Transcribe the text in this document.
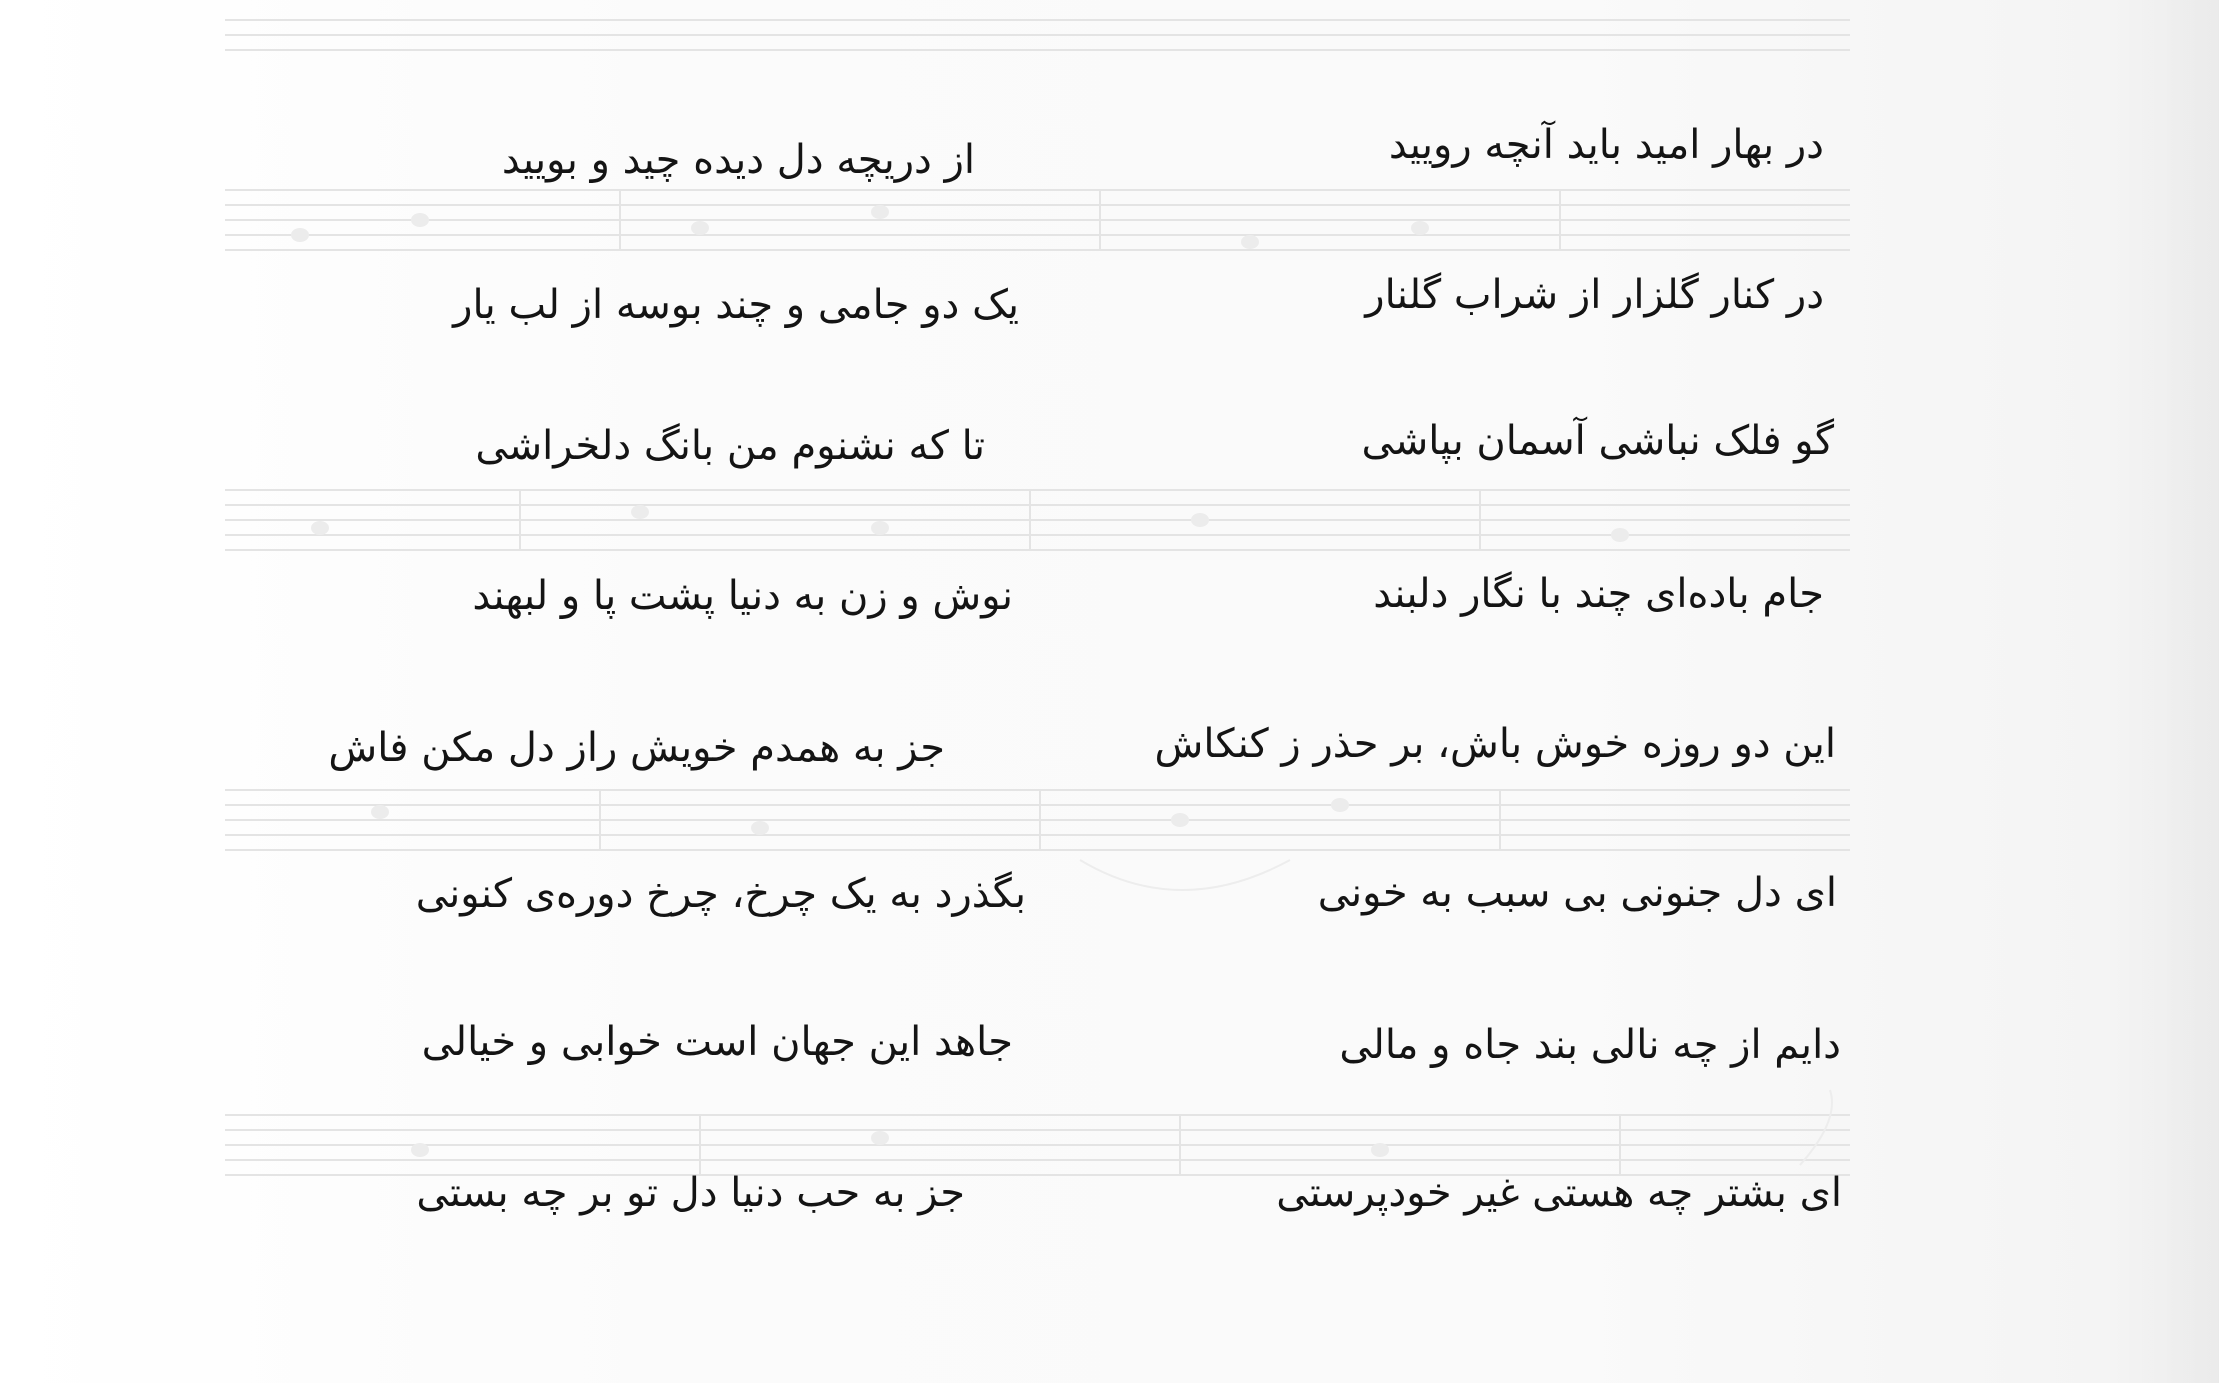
در بهار امید باید آنچه رویید
از دریچه دل دیده چید و بویید
در کنار گلزار از شراب گلنار
یک دو جامی و چند بوسه از لب یار
گو فلک نباشی آسمان بپاشی
تا که نشنوم من بانگ دلخراشی
جام باده‌ای چند با نگار دلبند
نوش و زن به دنیا پشت پا و لبهند
این دو روزه خوش باش، بر حذر ز کنکاش
جز به همدم خویش راز دل مکن فاش
ای دل جنونی بی سبب به خونی
بگذرد به یک چرخ، چرخ دوره‌ی کنونی
دایم از چه نالی بند جاه و مالی
جاهد این جهان است خوابی و خیالی
ای بشتر چه هستی غیر خودپرستی
جز به حب دنیا دل تو بر چه بستی
